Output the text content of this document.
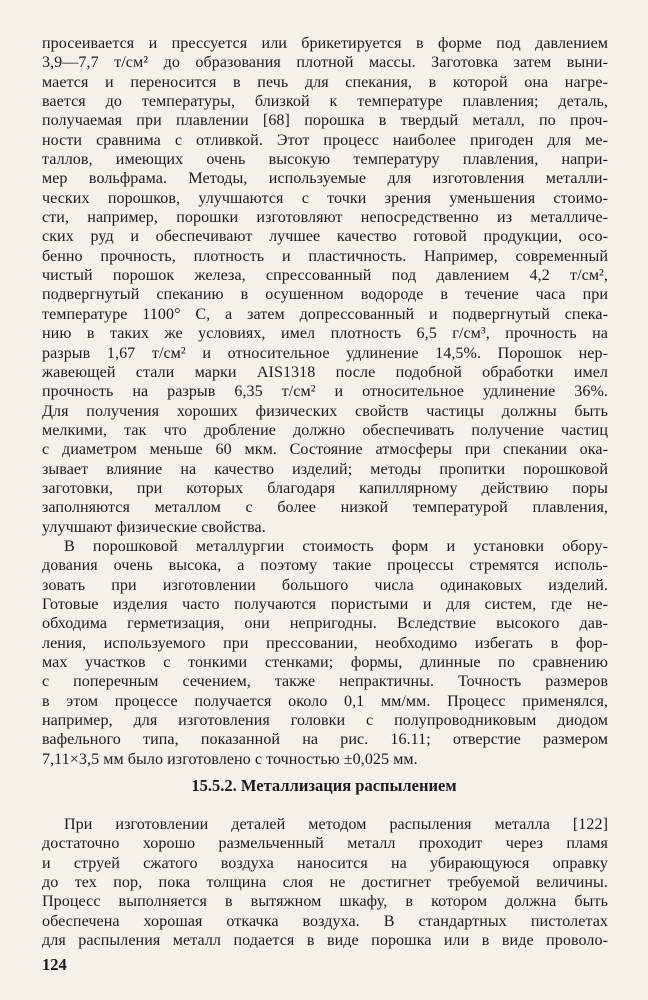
просеивается и прессуется или брикетируется в форме под давлением
3,9—7,7 т/см² до образования плотной массы. Заготовка затем выни-
мается и переносится в печь для спекания, в которой она нагре-
вается до температуры, близкой к температуре плавления; деталь,
получаемая при плавлении [68] порошка в твердый металл, по проч-
ности сравнима с отливкой. Этот процесс наиболее пригоден для ме-
таллов, имеющих очень высокую температуру плавления, напри-
мер вольфрама. Методы, используемые для изготовления металли-
ческих порошков, улучшаются с точки зрения уменьшения стоимо-
сти, например, порошки изготовляют непосредственно из металличе-
ских руд и обеспечивают лучшее качество готовой продукции, осо-
бенно прочность, плотность и пластичность. Например, современный
чистый порошок железа, спрессованный под давлением 4,2 т/см²,
подвергнутый спеканию в осушенном водороде в течение часа при
температуре 1100° С, а затем допрессованный и подвергнутый спека-
нию в таких же условиях, имел плотность 6,5 г/см³, прочность на
разрыв 1,67 т/см² и относительное удлинение 14,5%. Порошок нер-
жавеющей стали марки AIS1318 после подобной обработки имел
прочность на разрыв 6,35 т/см² и относительное удлинение 36%.
Для получения хороших физических свойств частицы должны быть
мелкими, так что дробление должно обеспечивать получение частиц
с диаметром меньше 60 мкм. Состояние атмосферы при спекании ока-
зывает влияние на качество изделий; методы пропитки порошковой
заготовки, при которых благодаря капиллярному действию поры
заполняются металлом с более низкой температурой плавления,
улучшают физические свойства.
В порошковой металлургии стоимость форм и установки обору-
дования очень высока, а поэтому такие процессы стремятся исполь-
зовать при изготовлении большого числа одинаковых изделий.
Готовые изделия часто получаются пористыми и для систем, где не-
обходима герметизация, они непригодны. Вследствие высокого дав-
ления, используемого при прессовании, необходимо избегать в фор-
мах участков с тонкими стенками; формы, длинные по сравнению
с поперечным сечением, также непрактичны. Точность размеров
в этом процессе получается около 0,1 мм/мм. Процесс применялся,
например, для изготовления головки с полупроводниковым диодом
вафельного типа, показанной на рис. 16.11; отверстие размером
7,11×3,5 мм было изготовлено с точностью ±0,025 мм.
15.5.2. Металлизация распылением
При изготовлении деталей методом распыления металла [122]
достаточно хорошо размельченный металл проходит через пламя
и струей сжатого воздуха наносится на убирающуюся оправку
до тех пор, пока толщина слоя не достигнет требуемой величины.
Процесс выполняется в вытяжном шкафу, в котором должна быть
обеспечена хорошая откачка воздуха. В стандартных пистолетах
для распыления металл подается в виде порошка или в виде проволо-
124
